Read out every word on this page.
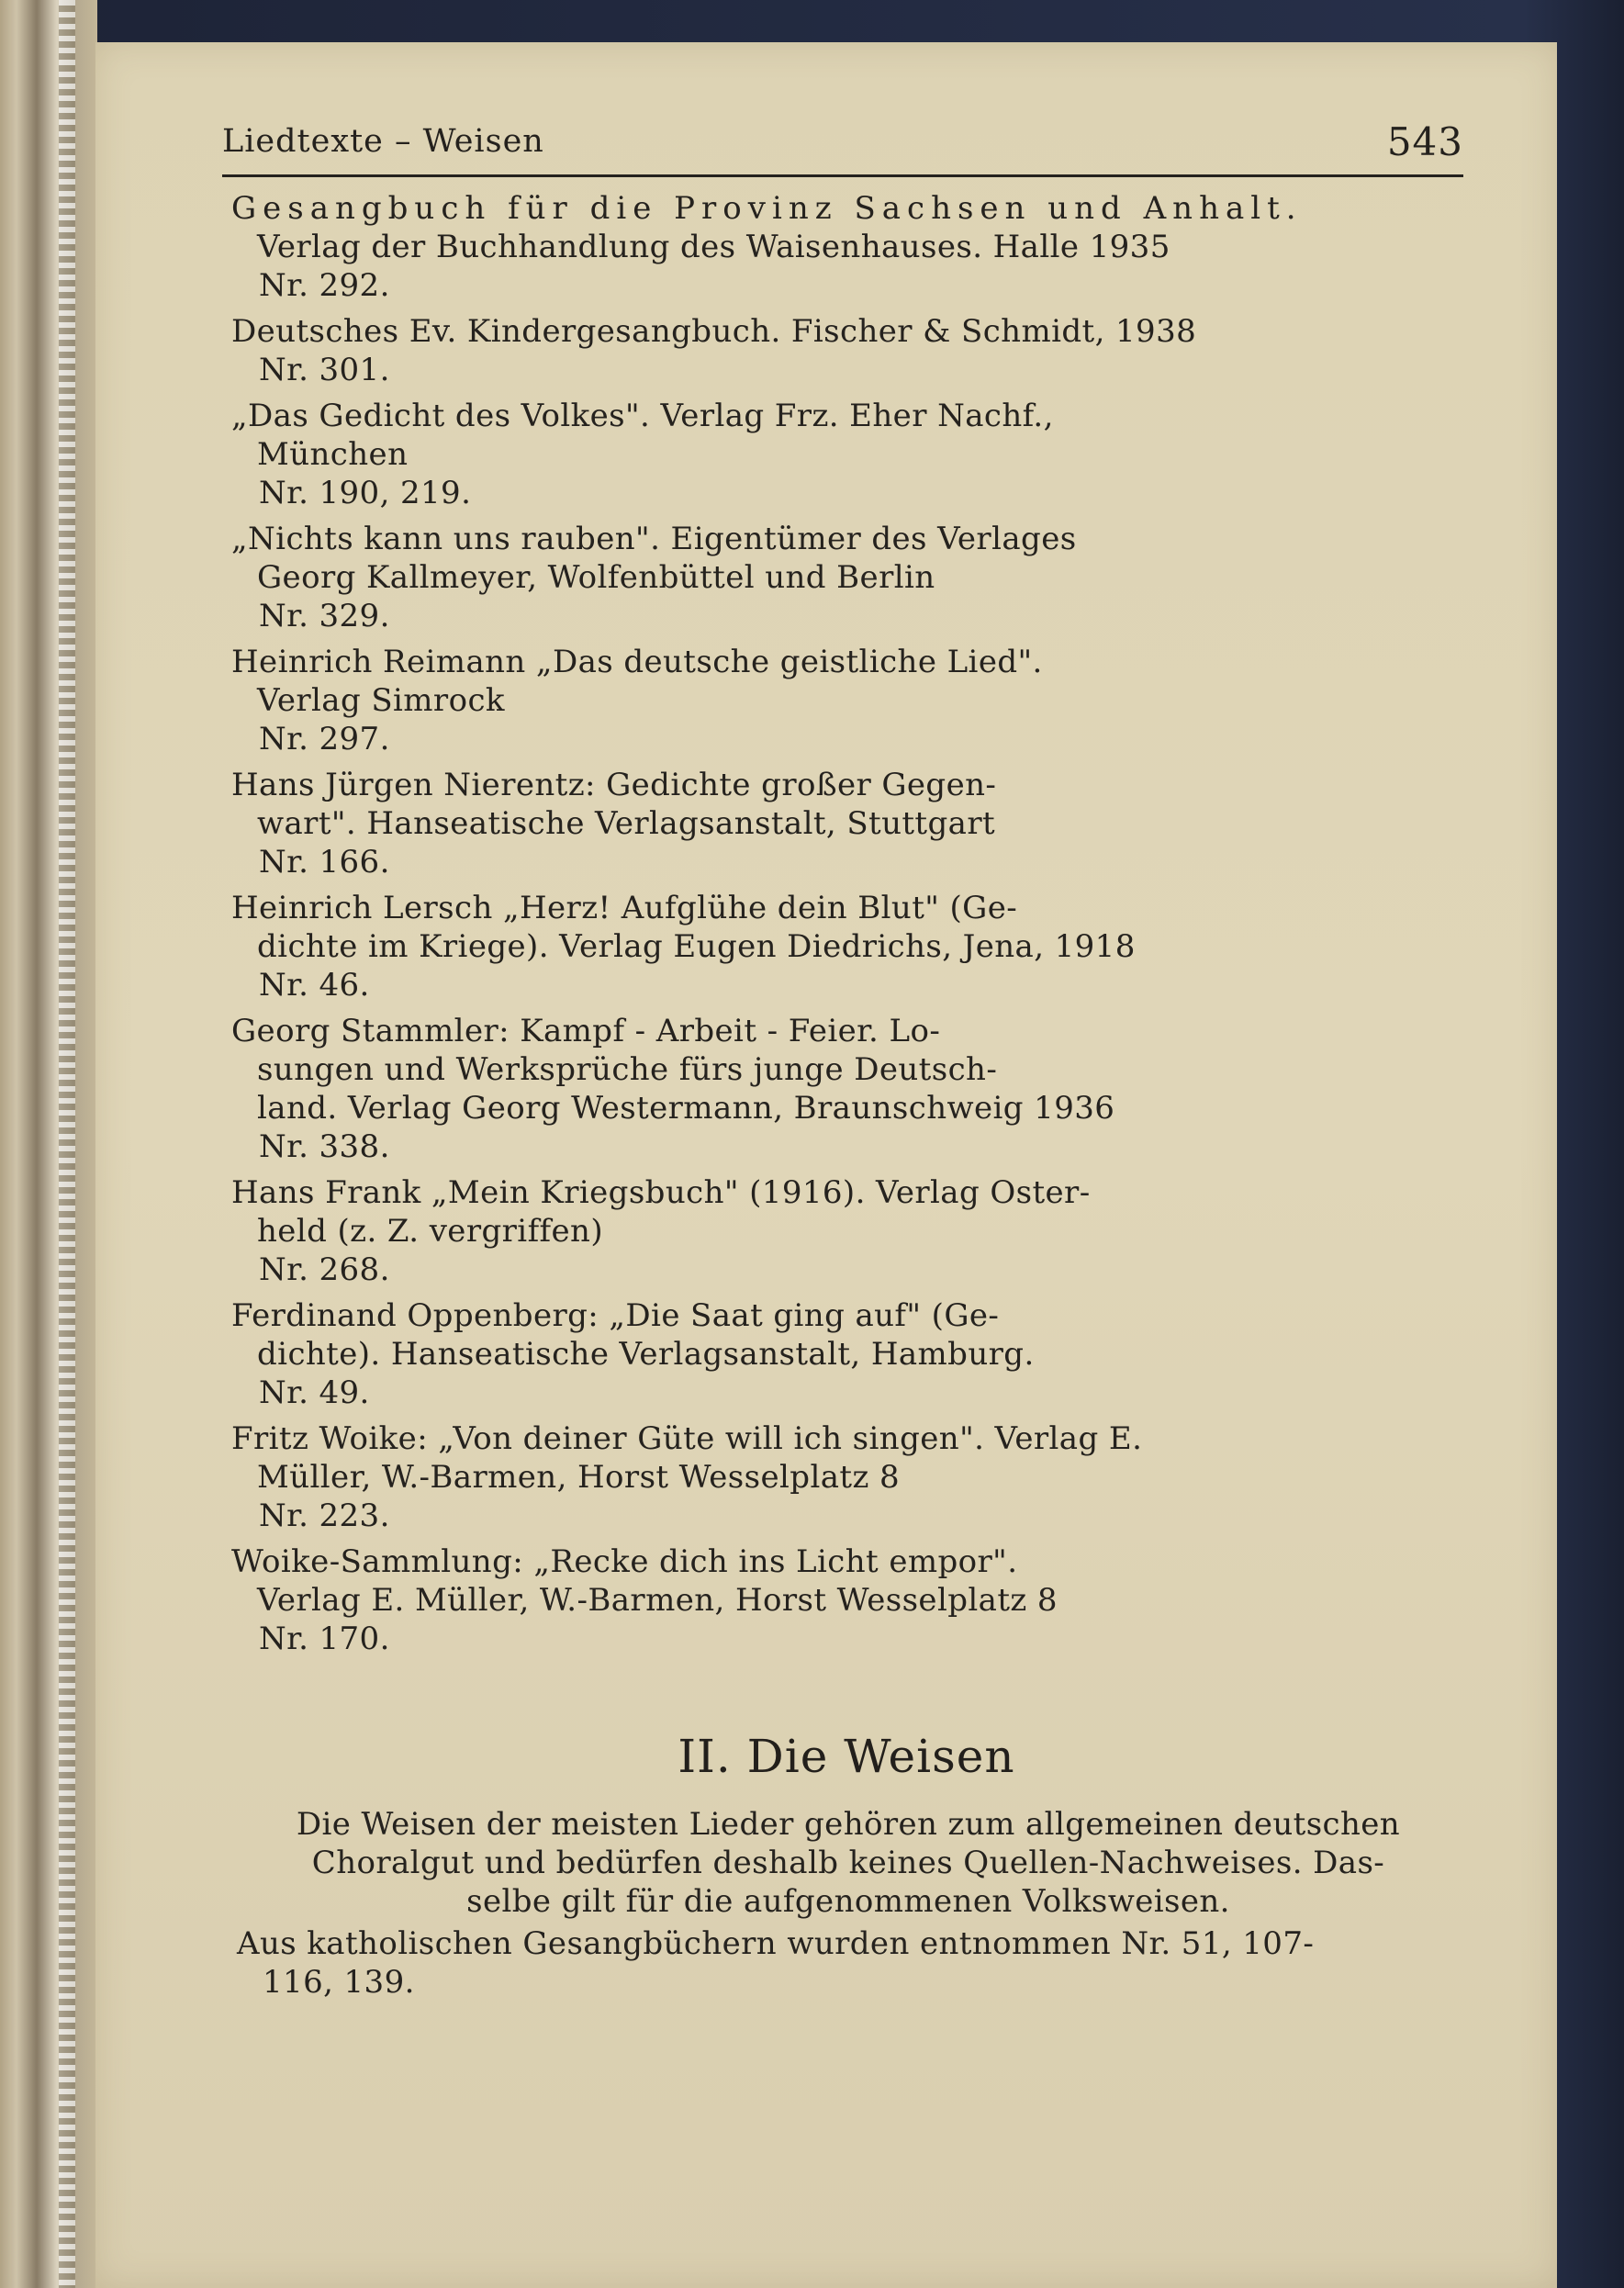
Liedtexte – Weisen	543
Gesangbuch für die Provinz Sachsen und Anhalt.
Verlag der Buchhandlung des Waisenhauses. Halle 1935
Nr. 292.
Deutsches Ev. Kindergesangbuch. Fischer & Schmidt, 1938
Nr. 301.
„Das Gedicht des Volkes". Verlag Frz. Eher Nachf.,
München
Nr. 190, 219.
„Nichts kann uns rauben". Eigentümer des Verlages
Georg Kallmeyer, Wolfenbüttel und Berlin
Nr. 329.
Heinrich Reimann „Das deutsche geistliche Lied".
Verlag Simrock
Nr. 297.
Hans Jürgen Nierentz: Gedichte großer Gegen-
wart". Hanseatische Verlagsanstalt, Stuttgart
Nr. 166.
Heinrich Lersch „Herz! Aufglühe dein Blut" (Ge-
dichte im Kriege). Verlag Eugen Diedrichs, Jena, 1918
Nr. 46.
Georg Stammler: Kampf - Arbeit - Feier. Lo-
sungen und Werksprüche fürs junge Deutsch-
land. Verlag Georg Westermann, Braunschweig 1936
Nr. 338.
Hans Frank „Mein Kriegsbuch" (1916). Verlag Oster-
held (z. Z. vergriffen)
Nr. 268.
Ferdinand Oppenberg: „Die Saat ging auf" (Ge-
dichte). Hanseatische Verlagsanstalt, Hamburg.
Nr. 49.
Fritz Woike: „Von deiner Güte will ich singen". Verlag E.
Müller, W.-Barmen, Horst Wesselplatz 8
Nr. 223.
Woike-Sammlung: „Recke dich ins Licht empor".
Verlag E. Müller, W.-Barmen, Horst Wesselplatz 8
Nr. 170.
II. Die Weisen
Die Weisen der meisten Lieder gehören zum allgemeinen deutschen
Choralgut und bedürfen deshalb keines Quellen-Nachweises. Das-
selbe gilt für die aufgenommenen Volksweisen.
Aus katholischen Gesangbüchern wurden entnommen Nr. 51, 107-
116, 139.
